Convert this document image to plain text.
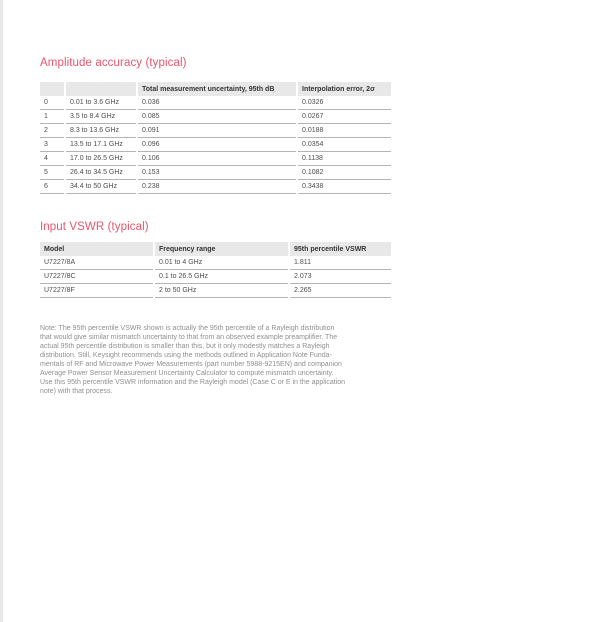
Amplitude accuracy (typical)
		Total measurement uncertainty, 95th dB	Interpolation error, 2σ
0	0.01 to 3.6 GHz	0.036	0.0326
1	3.5 to 8.4 GHz	0.085	0.0267
2	8.3 to 13.6 GHz	0.091	0.0188
3	13.5 to 17.1 GHz	0.096	0.0354
4	17.0 to 26.5 GHz	0.106	0.1138
5	26.4 to 34.5 GHz	0.153	0.1082
6	34.4 to 50 GHz	0.238	0.3438
Input VSWR (typical)
Model	Frequency range	95th percentile VSWR
U7227/8A	0.01 to 4 GHz	1.811
U7227/8C	0.1 to 26.5 GHz	2.073
U7227/8F	2 to 50 GHz	2.265
Note: The 95th percentile VSWR shown is actually the 95th percentile of a Rayleigh distribution
that would give similar mismatch uncertainty to that from an observed example preamplifier. The
actual 95th percentile distribution is smaller than this, but it only modestly matches a Rayleigh
distribution. Still, Keysight recommends using the methods outlined in Application Note Funda-
mentals of RF and Microwave Power Measurements (part number 5988-9215EN) and companion
Average Power Sensor Measurement Uncertainty Calculator to compute mismatch uncertainty.
Use this 95th percentile VSWR information and the Rayleigh model (Case C or E in the application
note) with that process.
